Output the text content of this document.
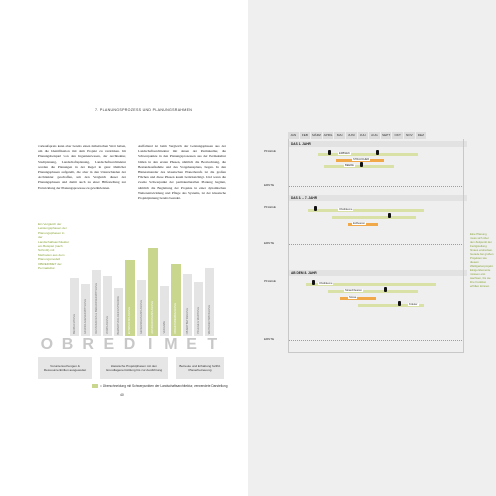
7. PLANUNGSPROZESS UND PLANUNGSRAHMEN
vorkaufspreis kann aber bereits einen ästhetischen Wert haben, um die Identifikation mit dem Projekt zu verstärken. Im Planungsbeispiel von den Ingenieurwesen, der Architektur, Stadtplanung, Landschaftsplanung, Landschaftsarchitektur werden die Planungen in der Regel in ganz ähnlicher Planungsphasen aufgeteilt, die aber in den Unterschieden der Architektur geschaffen, um den Vergleich dieser der Planungsphasen und damit auch zu einer Hilfestellung zur Entwicklung der Planungsprozesse zu gewährleisten.
Auffallend ist beim Vergleich der Leistungsphasen aus der Landschaftsarchitektur mit denen der Permakultur, die Schwerpunkte in den Planungsprozessen aus der Permakultur bilden in den ersten Phasen, nämlich die Beobachtung, die Bestandsaufnahme und des Vorgehensplans, liegen. In den Hintereinander des klassischen Planerberufs ist die großen Flächen und diese Phasen kaum berücksichtigt. Und wenn die zweite Schwerpunkt der permakulturellen Planung beginnt, nämlich die Begleitung der Projekte in einer dynamischen Weiterentwicklung und Pflege des Systems, ist der klassische Projektplanung bereits beendet.
Ein Vergleich der Leistungsphasen der Planungsphasen in der Landschaftsarchitektur am Beispiel (nach Schmitt) mit Methoden aus dem Planungsmodell OBREDIMET der Permakultur.
BEOBACHTUNG	GRUNDLAGENERMITTLUNG	RESSOURCEN & BEDARFSERMITTLUNG	VORPLANUNG	BEWERTUNG DER ENTWÜRFE	ENTWURFSPLANUNG	GENEHMIGUNGSPLANUNG	AUSFÜHRUNGSPLANUNG	VERGABE	OBJEKTÜBERWACHUNG	OBJEKTBETREUUNG	PFLEGE & WARTUNG	WEITERENTWICKLUNG
O B R E D I M E T
Voruntersuchungen & Ressourcenbrillen ausgeweitet
klassische Projektphasen mit den Grundlagenermittlung bis zur Ausführung
Betreute und Erhaltung fortlfd. Planerbetreuung
= Überschneidung mit Schwerpunkten der Landschaftsarchitektur, verwendete Darstellung
40
JAN	FEB	MÄRZ APRIL	MAI	JUNI	JULI	AUG	SEPT	OKT	NOV	DEZ
DAS 1. JAHR
PFLEGE
ERBSEN
STRAUCHER
BEERE
ERNTE
DAS 3. – 7. JAHR
PFLEGE
Obstbäume
Erdbeeren
ERNTE
AB DEM 8. JAHR
PFLEGE
Obstbäume
Strauchbeeren
Nüsse
Kräuter
ERNTE
Eine Planung muss sich über den Zeitpunkt der Fertigstellung hinaus erstrecken. Gerade bei großen Projekten wie diesem Waldgartenprojekt. Einige Elemente müssen erst wachsen, bis sie ihre Funktion erfüllen können.
